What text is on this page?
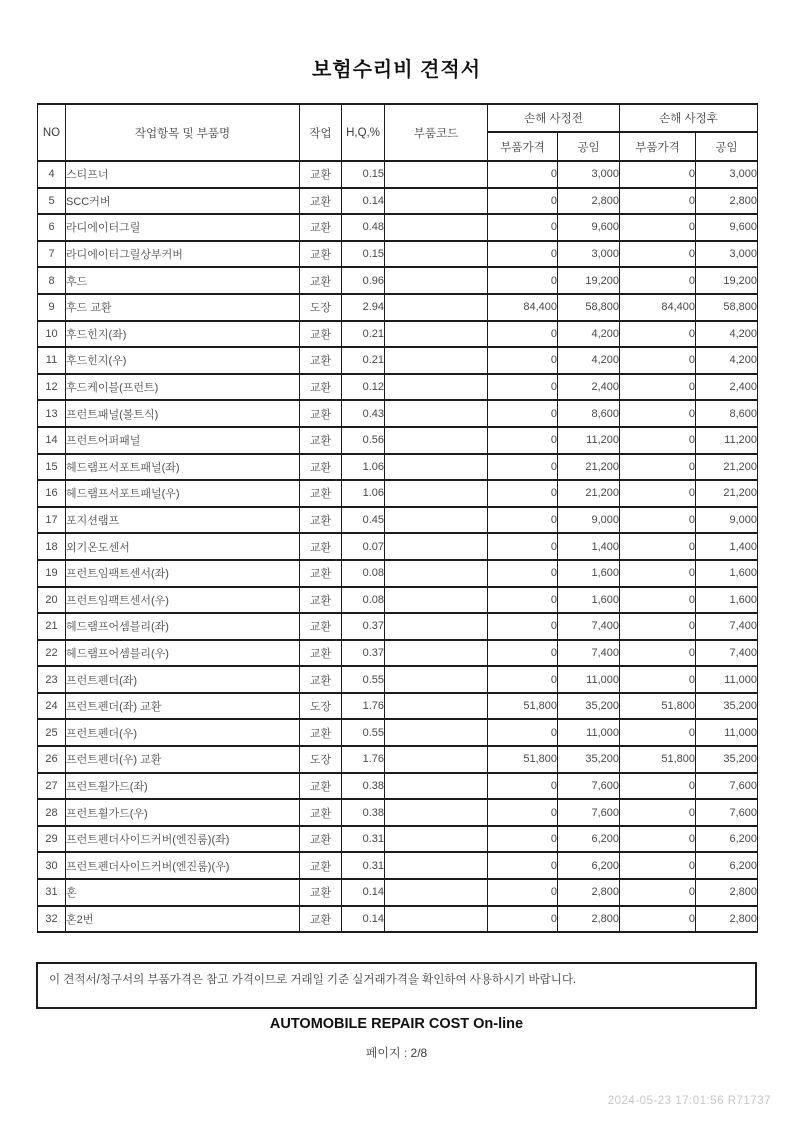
보험수리비 견적서
NO	작업항목 및 부품명	작업	H,Q,%	부품코드	손해 사정전		손해 사정후	
					부품가격	공임	부품가격	공임
4	스티프너	교환	0.15		0	3,000	0	3,000
5	SCC커버	교환	0.14		0	2,800	0	2,800
6	라디에이터그릴	교환	0.48		0	9,600	0	9,600
7	라디에이터그릴상부커버	교환	0.15		0	3,000	0	3,000
8	후드	교환	0.96		0	19,200	0	19,200
9	후드 교환	도장	2.94		84,400	58,800	84,400	58,800
10	후드힌지(좌)	교환	0.21		0	4,200	0	4,200
11	후드힌지(우)	교환	0.21		0	4,200	0	4,200
12	후드케이블(프런트)	교환	0.12		0	2,400	0	2,400
13	프런트패널(볼트식)	교환	0.43		0	8,600	0	8,600
14	프런트어퍼패널	교환	0.56		0	11,200	0	11,200
15	헤드램프서포트패널(좌)	교환	1.06		0	21,200	0	21,200
16	헤드램프서포트패널(우)	교환	1.06		0	21,200	0	21,200
17	포지션램프	교환	0.45		0	9,000	0	9,000
18	외기온도센서	교환	0.07		0	1,400	0	1,400
19	프런트임팩트센서(좌)	교환	0.08		0	1,600	0	1,600
20	프런트임팩트센서(우)	교환	0.08		0	1,600	0	1,600
21	헤드램프어셈블리(좌)	교환	0.37		0	7,400	0	7,400
22	헤드램프어셈블리(우)	교환	0.37		0	7,400	0	7,400
23	프런트펜더(좌)	교환	0.55		0	11,000	0	11,000
24	프런트펜더(좌) 교환	도장	1.76		51,800	35,200	51,800	35,200
25	프런트펜더(우)	교환	0.55		0	11,000	0	11,000
26	프런트펜더(우) 교환	도장	1.76		51,800	35,200	51,800	35,200
27	프런트휠가드(좌)	교환	0.38		0	7,600	0	7,600
28	프런트휠가드(우)	교환	0.38		0	7,600	0	7,600
29	프런트펜더사이드커버(엔진룸)(좌)	교환	0.31		0	6,200	0	6,200
30	프런트펜더사이드커버(엔진룸)(우)	교환	0.31		0	6,200	0	6,200
31	혼	교환	0.14		0	2,800	0	2,800
32	혼2번	교환	0.14		0	2,800	0	2,800
이 견적서/청구서의 부품가격은 참고 가격이므로 거래일 기준 실거래가격을 확인하여 사용하시기 바랍니다.
AUTOMOBILE REPAIR COST On-line
페이지 : 2/8
2024-05-23 17:01:56 R71737
